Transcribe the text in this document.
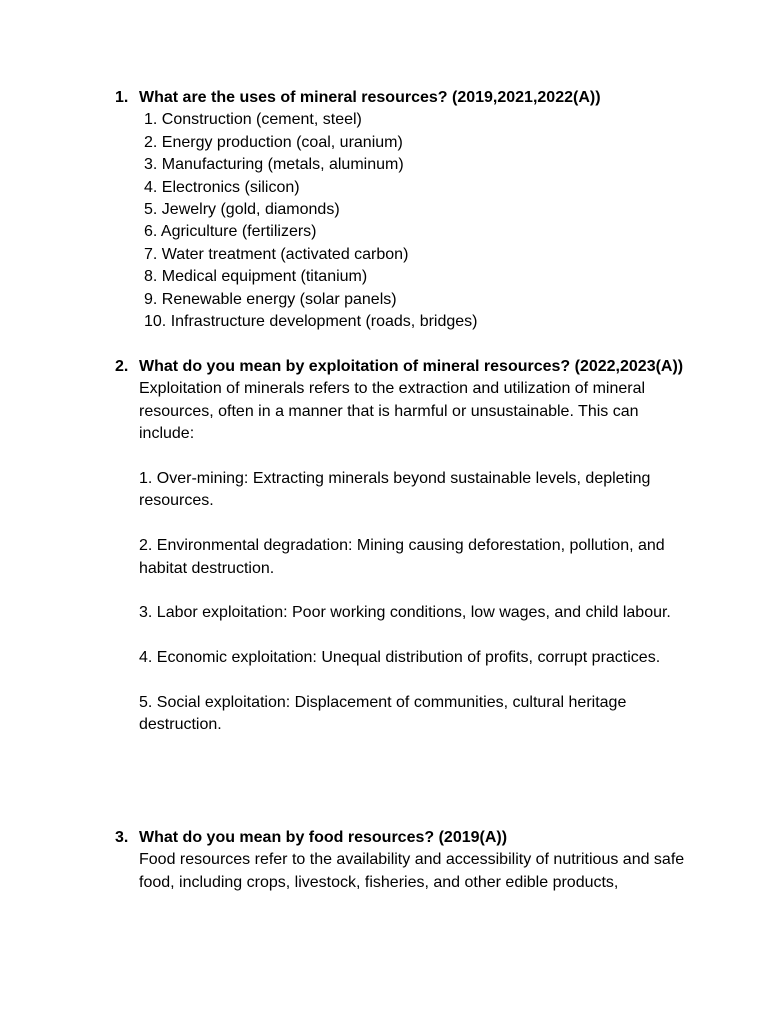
1. What are the uses of mineral resources? (2019,2021,2022(A))
1. Construction (cement, steel)
2. Energy production (coal, uranium)
3. Manufacturing (metals, aluminum)
4. Electronics (silicon)
5. Jewelry (gold, diamonds)
6. Agriculture (fertilizers)
7. Water treatment (activated carbon)
8. Medical equipment (titanium)
9. Renewable energy (solar panels)
10. Infrastructure development (roads, bridges)
2. What do you mean by exploitation of mineral resources? (2022,2023(A))

Exploitation of minerals refers to the extraction and utilization of mineral resources, often in a manner that is harmful or unsustainable. This can include:

1. Over-mining: Extracting minerals beyond sustainable levels, depleting resources.

2. Environmental degradation: Mining causing deforestation, pollution, and habitat destruction.

3. Labor exploitation: Poor working conditions, low wages, and child labour.

4. Economic exploitation: Unequal distribution of profits, corrupt practices.

5. Social exploitation: Displacement of communities, cultural heritage destruction.

3. What do you mean by food resources? (2019(A))

Food resources refer to the availability and accessibility of nutritious and safe food, including crops, livestock, fisheries, and other edible products,
